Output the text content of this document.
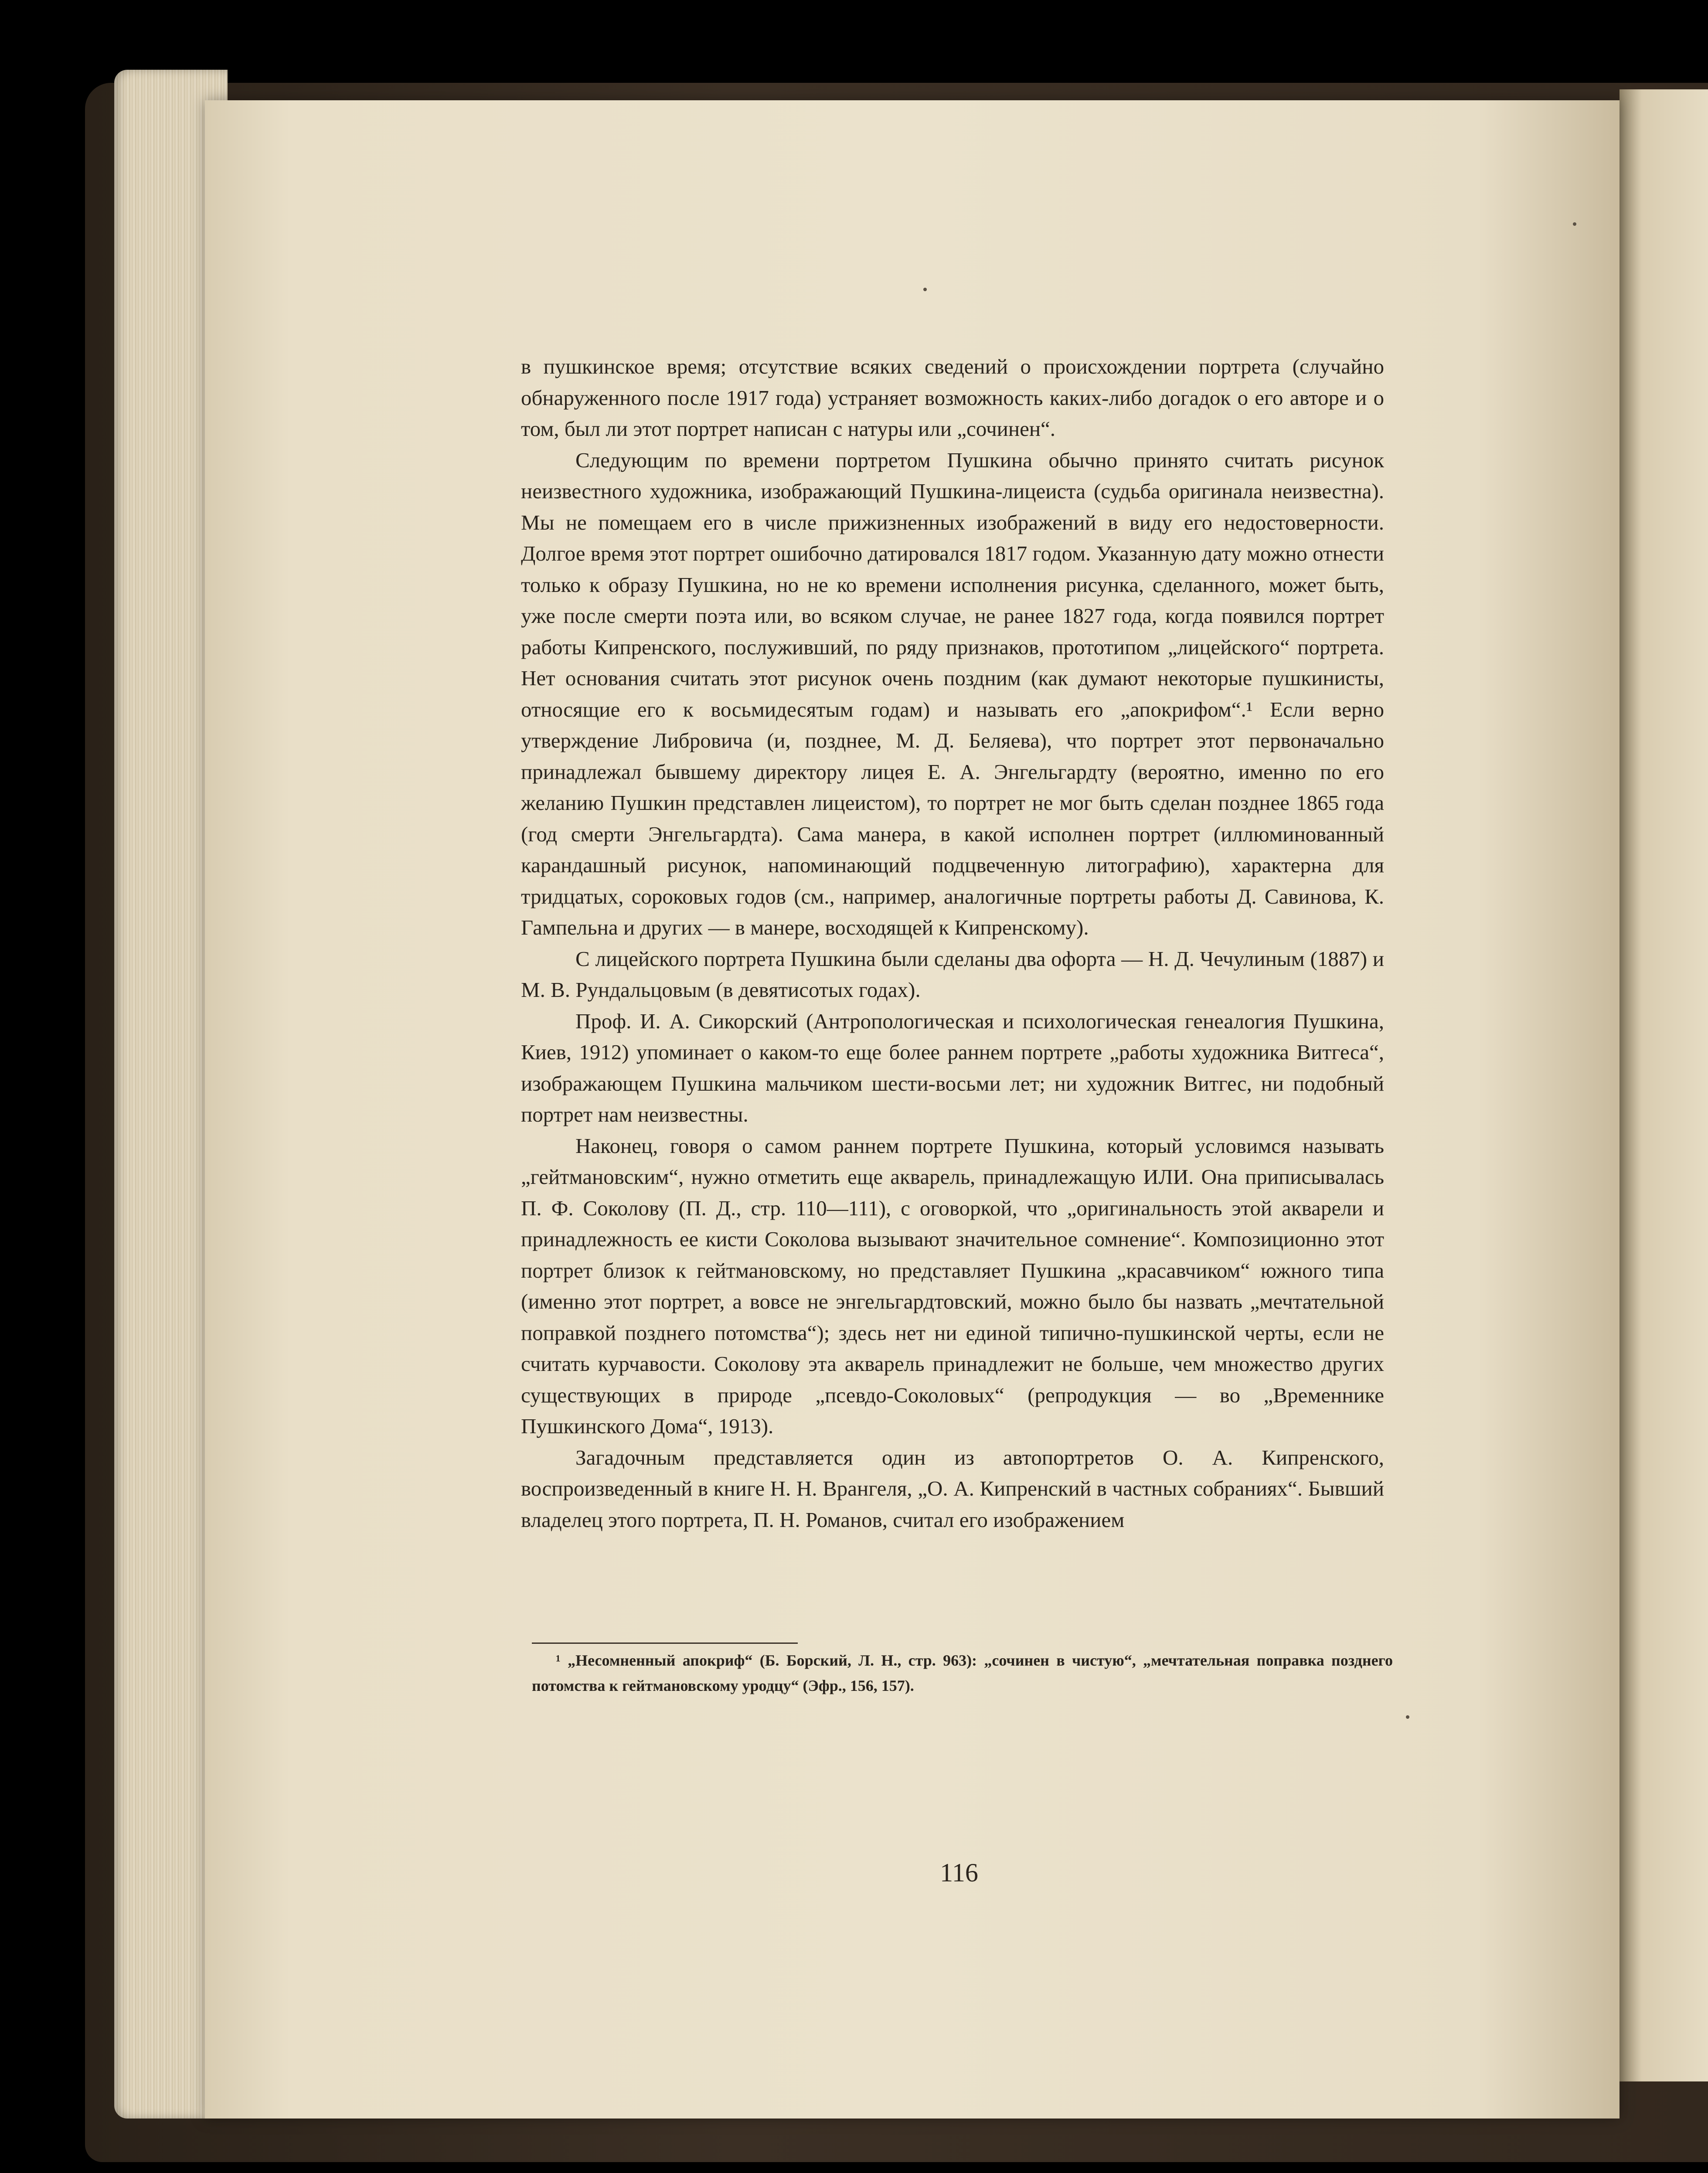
в пушкинское время; отсутствие всяких сведений о происхождении портрета (случайно обнаруженного после 1917 года) устраняет возможность каких-либо догадок о его авторе и о том, был ли этот портрет написан с натуры или „сочинен“.

Следующим по времени портретом Пушкина обычно принято считать рисунок неизвестного художника, изображающий Пушкина-лицеиста (судьба оригинала неизвестна). Мы не помещаем его в числе прижизненных изображений в виду его недостоверности. Долгое время этот портрет ошибочно датировался 1817 годом. Указанную дату можно отнести только к образу Пушкина, но не ко времени исполнения рисунка, сделанного, может быть, уже после смерти поэта или, во всяком случае, не ранее 1827 года, когда появился портрет работы Кипренского, послуживший, по ряду признаков, прототипом „лицейского“ портрета. Нет основания считать этот рисунок очень поздним (как думают некоторые пушкинисты, относящие его к восьмидесятым годам) и называть его „апокрифом“.¹ Если верно утверждение Либровича (и, позднее, М. Д. Беляева), что портрет этот первоначально принадлежал бывшему директору лицея Е. А. Энгельгардту (вероятно, именно по его желанию Пушкин представлен лицеистом), то портрет не мог быть сделан позднее 1865 года (год смерти Энгельгардта). Сама манера, в какой исполнен портрет (иллюминованный карандашный рисунок, напоминающий подцвеченную литографию), характерна для тридцатых, сороковых годов (см., например, аналогичные портреты работы Д. Савинова, К. Гампельна и других — в манере, восходящей к Кипренскому).

С лицейского портрета Пушкина были сделаны два офорта — Н. Д. Чечулиным (1887) и М. В. Рундальцовым (в девятисотых годах).

Проф. И. А. Сикорский (Антропологическая и психологическая генеалогия Пушкина, Киев, 1912) упоминает о каком-то еще более раннем портрете „работы художника Витгеса“, изображающем Пушкина мальчиком шести-восьми лет; ни художник Витгес, ни подобный портрет нам неизвестны.

Наконец, говоря о самом раннем портрете Пушкина, который условимся называть „гейтмановским“, нужно отметить еще акварель, принадлежащую ИЛИ. Она приписывалась П. Ф. Соколову (П. Д., стр. 110—111), с оговоркой, что „оригинальность этой акварели и принадлежность ее кисти Соколова вызывают значительное сомнение“. Композиционно этот портрет близок к гейтмановскому, но представляет Пушкина „красавчиком“ южного типа (именно этот портрет, а вовсе не энгельгардтовский, можно было бы назвать „мечтательной поправкой позднего потомства“); здесь нет ни единой типично-пушкинской черты, если не считать курчавости. Соколову эта акварель принадлежит не больше, чем множество других существующих в природе „псевдо-Соколовых“ (репродукция — во „Временнике Пушкинского Дома“, 1913).

Загадочным представляется один из автопортретов О. А. Кипренского, воспроизведенный в книге Н. Н. Врангеля, „О. А. Кипренский в частных собраниях“. Бывший владелец этого портрета, П. Н. Романов, считал его изображением

¹ „Несомненный апокриф“ (Б. Борский, Л. Н., стр. 963): „сочинен в чистую“, „мечтательная поправка позднего потомства к гейтмановскому уродцу“ (Эфр., 156, 157).
116
